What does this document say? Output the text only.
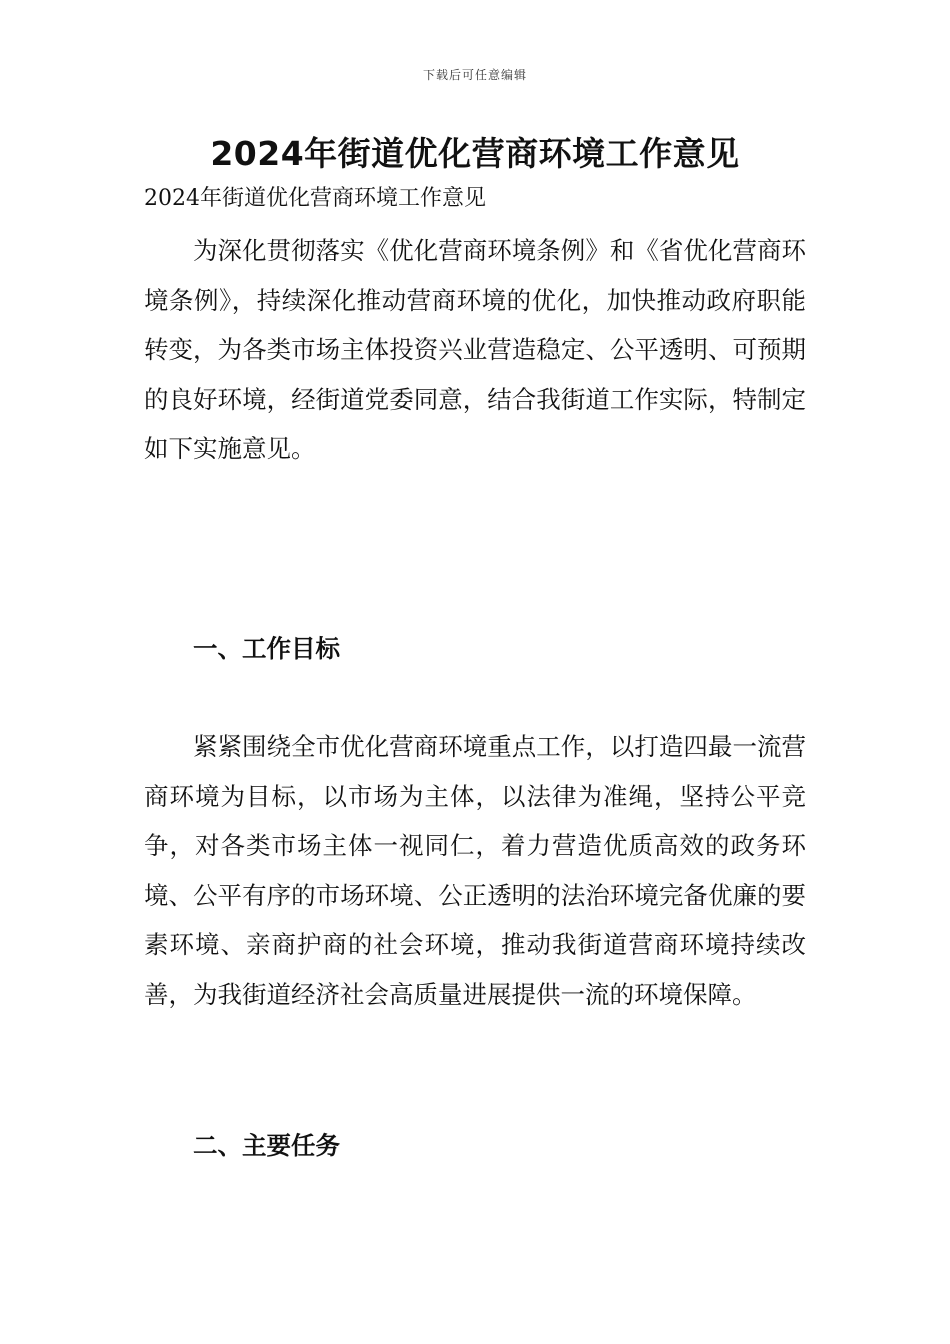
下载后可任意编辑
2024年街道优化营商环境工作意见
2024年街道优化营商环境工作意见

为深化贯彻落实《优化营商环境条例》和《省优化营商环境条例》，持续深化推动营商环境的优化，加快推动政府职能转变，为各类市场主体投资兴业营造稳定、公平透明、可预期的良好环境，经街道党委同意，结合我街道工作实际，特制定如下实施意见。

一、工作目标

紧紧围绕全市优化营商环境重点工作，以打造四最一流营商环境为目标，以市场为主体，以法律为准绳，坚持公平竞争，对各类市场主体一视同仁，着力营造优质高效的政务环境、公平有序的市场环境、公正透明的法治环境完备优廉的要素环境、亲商护商的社会环境，推动我街道营商环境持续改善，为我街道经济社会高质量进展提供一流的环境保障。

二、主要任务
